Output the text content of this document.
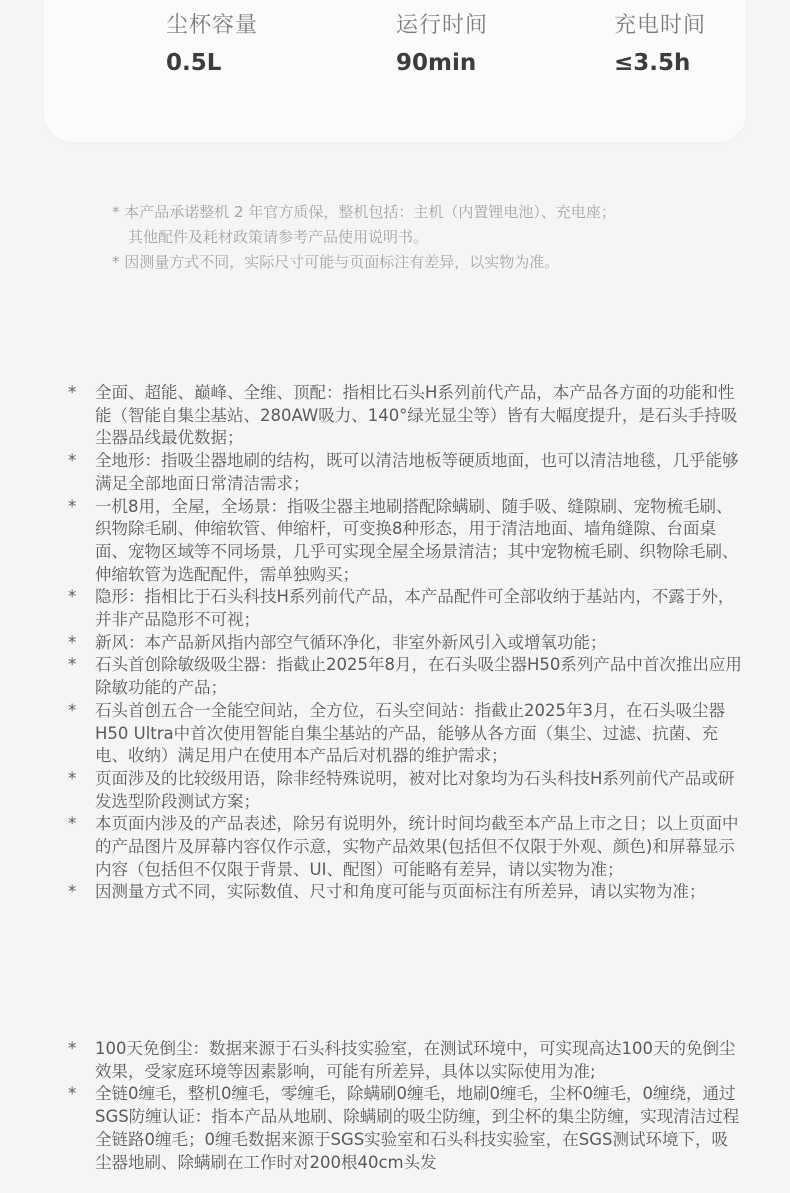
尘杯容量
0.5L
运行时间
90min
充电时间
≤3.5h

* 本产品承诺整机 2 年官方质保，整机包括：主机（内置锂电池）、充电座；

其他配件及耗材政策请参考产品使用说明书。

* 因测量方式不同，实际尺寸可能与页面标注有差异，以实物为准。

* 全面、超能、巅峰、全维、顶配：指相比石头H系列前代产品，本产品各方面的功能和性能（智能自集尘基站、280AW吸力、140°绿光显尘等）皆有大幅度提升，是石头手持吸尘器品线最优数据；
* 全地形：指吸尘器地刷的结构，既可以清洁地板等硬质地面，也可以清洁地毯，几乎能够满足全部地面日常清洁需求；
* 一机8用，全屋，全场景：指吸尘器主地刷搭配除螨刷、随手吸、缝隙刷、宠物梳毛刷、织物除毛刷、伸缩软管、伸缩杆，可变换8种形态，用于清洁地面、墙角缝隙、台面桌面、宠物区域等不同场景，几乎可实现全屋全场景清洁；其中宠物梳毛刷、织物除毛刷、伸缩软管为选配配件，需单独购买；
* 隐形：指相比于石头科技H系列前代产品，本产品配件可全部收纳于基站内，不露于外，并非产品隐形不可视；
* 新风：本产品新风指内部空气循环净化，非室外新风引入或增氧功能；
* 石头首创除敏级吸尘器：指截止2025年8月，在石头吸尘器H50系列产品中首次推出应用除敏功能的产品；
* 石头首创五合一全能空间站，全方位，石头空间站：指截止2025年3月，在石头吸尘器H50 Ultra中首次使用智能自集尘基站的产品，能够从各方面（集尘、过滤、抗菌、充电、收纳）满足用户在使用本产品后对机器的维护需求；
* 页面涉及的比较级用语，除非经特殊说明，被对比对象均为石头科技H系列前代产品或研发选型阶段测试方案；
* 本页面内涉及的产品表述，除另有说明外，统计时间均截至本产品上市之日；以上页面中的产品图片及屏幕内容仅作示意，实物产品效果(包括但不仅限于外观、颜色)和屏幕显示内容（包括但不仅限于背景、UI、配图）可能略有差异，请以实物为准；
* 因测量方式不同，实际数值、尺寸和角度可能与页面标注有所差异，请以实物为准；
* 100天免倒尘：数据来源于石头科技实验室，在测试环境中，可实现高达100天的免倒尘效果，受家庭环境等因素影响，可能有所差异，具体以实际使用为准;
* 全链0缠毛，整机0缠毛，零缠毛，除螨刷0缠毛，地刷0缠毛，尘杯0缠毛，0缠绕，通过SGS防缠认证：指本产品从地刷、除螨刷的吸尘防缠，到尘杯的集尘防缠，实现清洁过程全链路0缠毛；0缠毛数据来源于SGS实验室和石头科技实验室，在SGS测试环境下，吸尘器地刷、除螨刷在工作时对200根40cm头发
